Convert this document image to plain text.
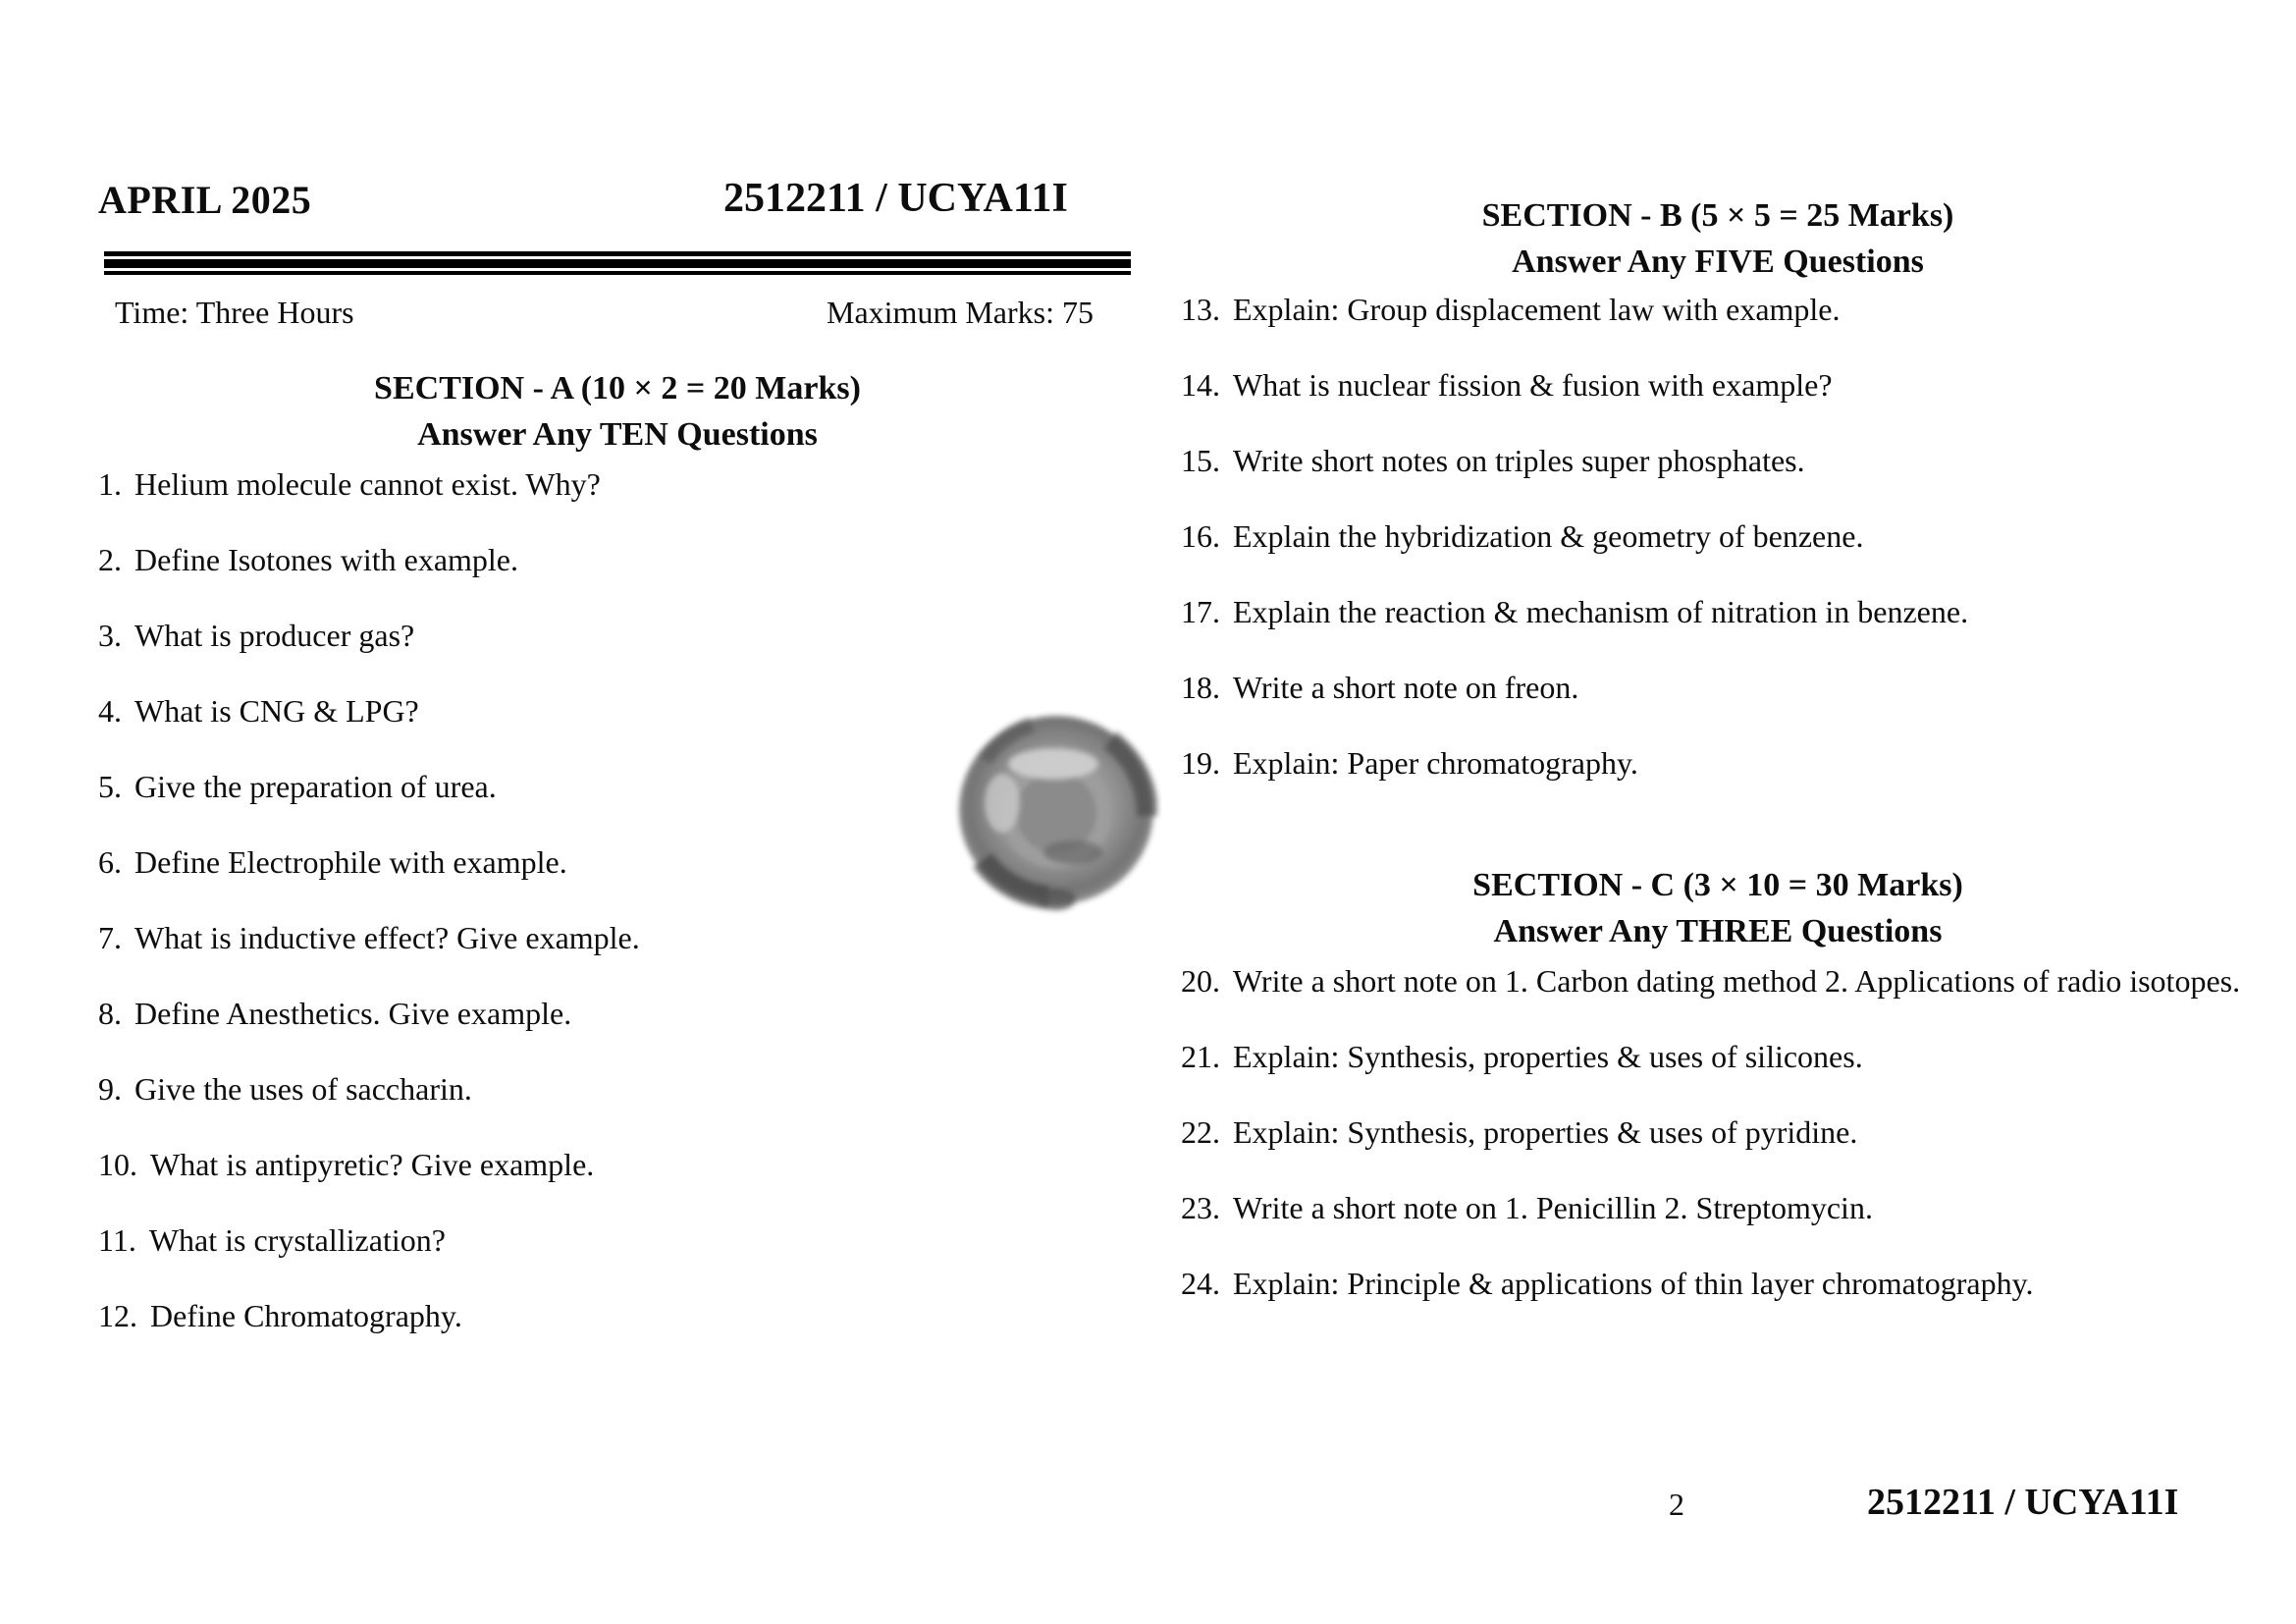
APRIL 2025	2512211 / UCYA11I
Time: Three Hours	Maximum Marks: 75
SECTION - A (10 × 2 = 20 Marks)
Answer Any TEN Questions
1. Helium molecule cannot exist. Why?
2. Define Isotones with example.
3. What is producer gas?
4. What is CNG & LPG?
5. Give the preparation of urea.
6. Define Electrophile with example.
7. What is inductive effect? Give example.
8. Define Anesthetics. Give example.
9. Give the uses of saccharin.
10. What is antipyretic? Give example.
11. What is crystallization?
12. Define Chromatography.
SECTION - B (5 × 5 = 25 Marks)
Answer Any FIVE Questions
13. Explain: Group displacement law with example.
14. What is nuclear fission & fusion with example?
15. Write short notes on triples super phosphates.
16. Explain the hybridization & geometry of benzene.
17. Explain the reaction & mechanism of nitration in benzene.
18. Write a short note on freon.
19. Explain: Paper chromatography.
SECTION - C (3 × 10 = 30 Marks)
Answer Any THREE Questions
20. Write a short note on 1. Carbon dating method 2. Applications of radio isotopes.
21. Explain: Synthesis, properties & uses of silicones.
22. Explain: Synthesis, properties & uses of pyridine.
23. Write a short note on 1. Penicillin 2. Streptomycin.
24. Explain: Principle & applications of thin layer chromatography.
2	2512211 / UCYA11I
